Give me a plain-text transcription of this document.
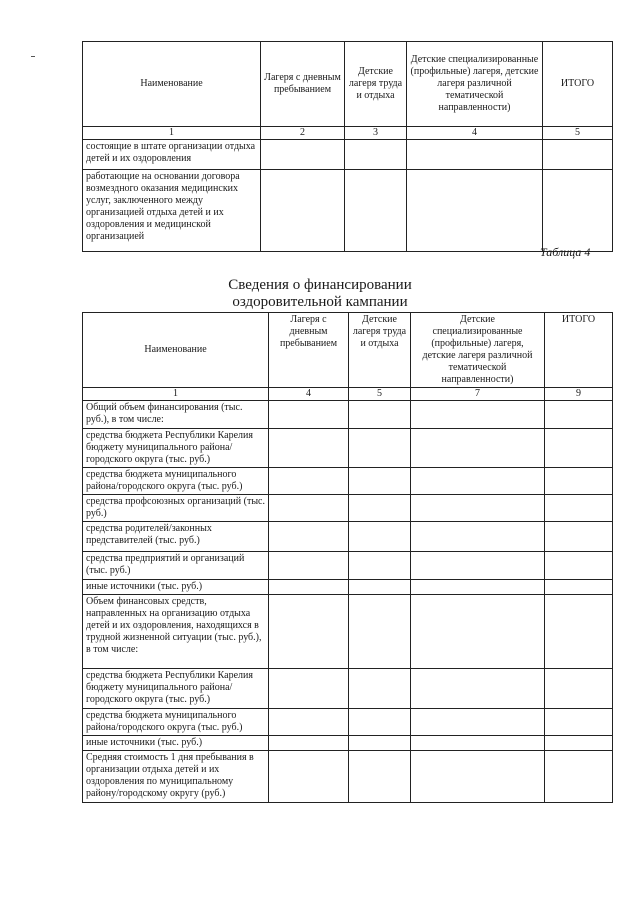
Наименование	Лагеря с дневным пребыванием	Детские лагеря труда и отдыха	Детские специализированные (профильные) лагеря, детские лагеря различной тематической направленности)	ИТОГО
1	2	3	4	5
состоящие в штате организации отдыха детей и их оздоровления				
работающие на основании договора возмездного оказания медицинских услуг, заключенного между организацией отдыха детей и их оздоровления и медицинской организацией				
Таблица 4
Сведения о финансировании
оздоровительной кампании
Наименование	Лагеря с дневным пребыванием	Детские лагеря труда и отдыха	Детские специализированные (профильные) лагеря, детские лагеря различной тематической направленности)	ИТОГО
1	4	5	7	9
Общий объем финансирования (тыс. руб.), в том числе:				
средства бюджета Республики Карелия бюджету муниципального района/городского округа (тыс. руб.)				
средства бюджета муниципального района/городского округа (тыс. руб.)				
средства профсоюзных организаций (тыс. руб.)				
средства родителей/законных представителей (тыс. руб.)				
средства предприятий и организаций (тыс. руб.)				
иные источники (тыс. руб.)				
Объем финансовых средств, направленных на организацию отдыха детей и их оздоровления, находящихся в трудной жизненной ситуации (тыс. руб.), в том числе:				
средства бюджета Республики Карелия бюджету муниципального района/городского округа (тыс. руб.)				
средства бюджета муниципального района/городского округа (тыс. руб.)				
иные источники (тыс. руб.)				
Средняя стоимость 1 дня пребывания в организации отдыха детей и их оздоровления по муниципальному району/городскому округу (руб.)				
